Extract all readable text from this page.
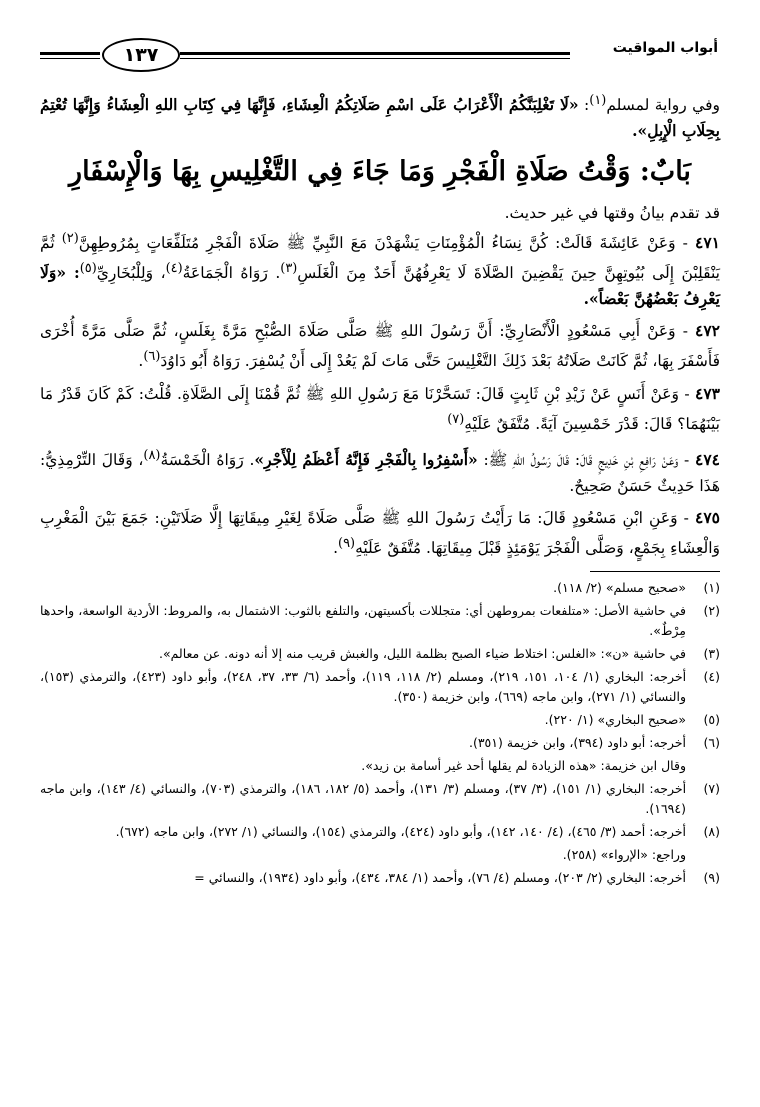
أبواب المواقيت
١٣٧

وفي رواية لمسلم$^{(١)}$: «لَا تَغْلِبَنَّكُمُ الْأَعْرَابُ عَلَى اسْمِ صَلَاتِكُمُ الْعِشَاءِ، فَإِنَّهَا فِي كِتَابِ اللهِ الْعِشَاءُ وَإِنَّهَا تُعْتِمُ بِحِلَابِ الْإِبِلِ».

بَابٌ: وَقْتُ صَلَاةِ الْفَجْرِ وَمَا جَاءَ فِي التَّغْلِيسِ بِهَا وَالْإِسْفَارِ

قد تقدم بيانُ وقتها في غير حديث.

٤٧١ - وَعَنْ عَائِشَةَ قَالَتْ: كُنَّ نِسَاءُ الْمُؤْمِنَاتِ يَشْهَدْنَ مَعَ النَّبِيِّ ﷺ صَلَاةَ الْفَجْرِ مُتَلَفِّعَاتٍ بِمُرُوطِهِنَّ$^{(٢)}$ ثُمَّ يَنْقَلِبْنَ إِلَى بُيُوتِهِنَّ حِينَ يَقْضِينَ الصَّلَاةَ لَا يَعْرِفُهُنَّ أَحَدٌ مِنَ الْغَلَسِ$^{(٣)}$. رَوَاهُ الْجَمَاعَةُ$^{(٤)}$، وَلِلْبُخَارِيِّ$^{(٥)}$: «وَلَا يَعْرِفُ بَعْضُهُنَّ بَعْضاً».

٤٧٢ - وَعَنْ أَبِي مَسْعُودٍ الْأَنْصَارِيِّ: أَنَّ رَسُولَ اللهِ ﷺ صَلَّى صَلَاةَ الصُّبْحِ مَرَّةً بِغَلَسٍ، ثُمَّ صَلَّى مَرَّةً أُخْرَى فَأَسْفَرَ بِهَا، ثُمَّ كَانَتْ صَلَاتُهُ بَعْدَ ذَلِكَ التَّغْلِيسَ حَتَّى مَاتَ لَمْ يَعُدْ إِلَى أَنْ يُسْفِرَ. رَوَاهُ أَبُو دَاوُدَ$^{(٦)}$.

٤٧٣ - وَعَنْ أَنَسٍ عَنْ زَيْدِ بْنِ ثَابِتٍ قَالَ: تَسَحَّرْنَا مَعَ رَسُولِ اللهِ ﷺ ثُمَّ قُمْنَا إِلَى الصَّلَاةِ. قُلْتُ: كَمْ كَانَ قَدْرُ مَا بَيْنَهُمَا؟ قَالَ: قَدْرَ خَمْسِينَ آيَةً. مُتَّفَقٌ عَلَيْهِ$^{(٧)}$

٤٧٤ - وَعَنْ رَافِعِ بْنِ خَدِيجٍ قَالَ: قَالَ رَسُولُ اللهِ ﷺ: «أَسْفِرُوا بِالْفَجْرِ فَإِنَّهُ أَعْظَمُ لِلْأَجْرِ». رَوَاهُ الْخَمْسَةُ$^{(٨)}$، وَقَالَ التِّرْمِذِيُّ: هَذَا حَدِيثٌ حَسَنٌ صَحِيحٌ.

٤٧٥ - وَعَنِ ابْنِ مَسْعُودٍ قَالَ: مَا رَأَيْتُ رَسُولَ اللهِ ﷺ صَلَّى صَلَاةً لِغَيْرِ مِيقَاتِهَا إِلَّا صَلَاتَيْنِ: جَمَعَ بَيْنَ الْمَغْرِبِ وَالْعِشَاءِ بِجَمْعٍ، وَصَلَّى الْفَجْرَ يَوْمَئِذٍ قَبْلَ مِيقَاتِهَا. مُتَّفَقٌ عَلَيْهِ$^{(٩)}$.

(١)
«صحيح مسلم» (٢/ ١١٨).
(٢)
في حاشية الأصل: «متلفعات بمروطهن أي: متجللات بأكسيتهن، والتلفع بالثوب: الاشتمال به، والمروط: الأردية الواسعة، واحدها مِرْطٌ».
(٣)
في حاشية «ن»: «الغلس: اختلاط ضياء الصبح بظلمة الليل، والغبش قريب منه إلا أنه دونه. عن معالم».
(٤)
أخرجه: البخاري (١/ ١٠٤، ١٥١، ٢١٩)، ومسلم (٢/ ١١٨، ١١٩)، وأحمد (٦/ ٣٣، ٣٧، ٢٤٨)، وأبو داود (٤٢٣)، والترمذي (١٥٣)، والنسائي (١/ ٢٧١)، وابن ماجه (٦٦٩)، وابن خزيمة (٣٥٠).
(٥)
«صحيح البخاري» (١/ ٢٢٠).
(٦)
أخرجه: أبو داود (٣٩٤)، وابن خزيمة (٣٥١).
وقال ابن خزيمة: «هذه الزيادة لم يقلها أحد غير أسامة بن زيد».
(٧)
أخرجه: البخاري (١/ ١٥١)، (٣/ ٣٧)، ومسلم (٣/ ١٣١)، وأحمد (٥/ ١٨٢، ١٨٦)، والترمذي (٧٠٣)، والنسائي (٤/ ١٤٣)، وابن ماجه (١٦٩٤).
(٨)
أخرجه: أحمد (٣/ ٤٦٥)، (٤/ ١٤٠، ١٤٢)، وأبو داود (٤٢٤)، والترمذي (١٥٤)، والنسائي (١/ ٢٧٢)، وابن ماجه (٦٧٢).
وراجع: «الإرواء» (٢٥٨).
(٩)
أخرجه: البخاري (٢/ ٢٠٣)، ومسلم (٤/ ٧٦)، وأحمد (١/ ٣٨٤، ٤٣٤)، وأبو داود (١٩٣٤)، والنسائي =
